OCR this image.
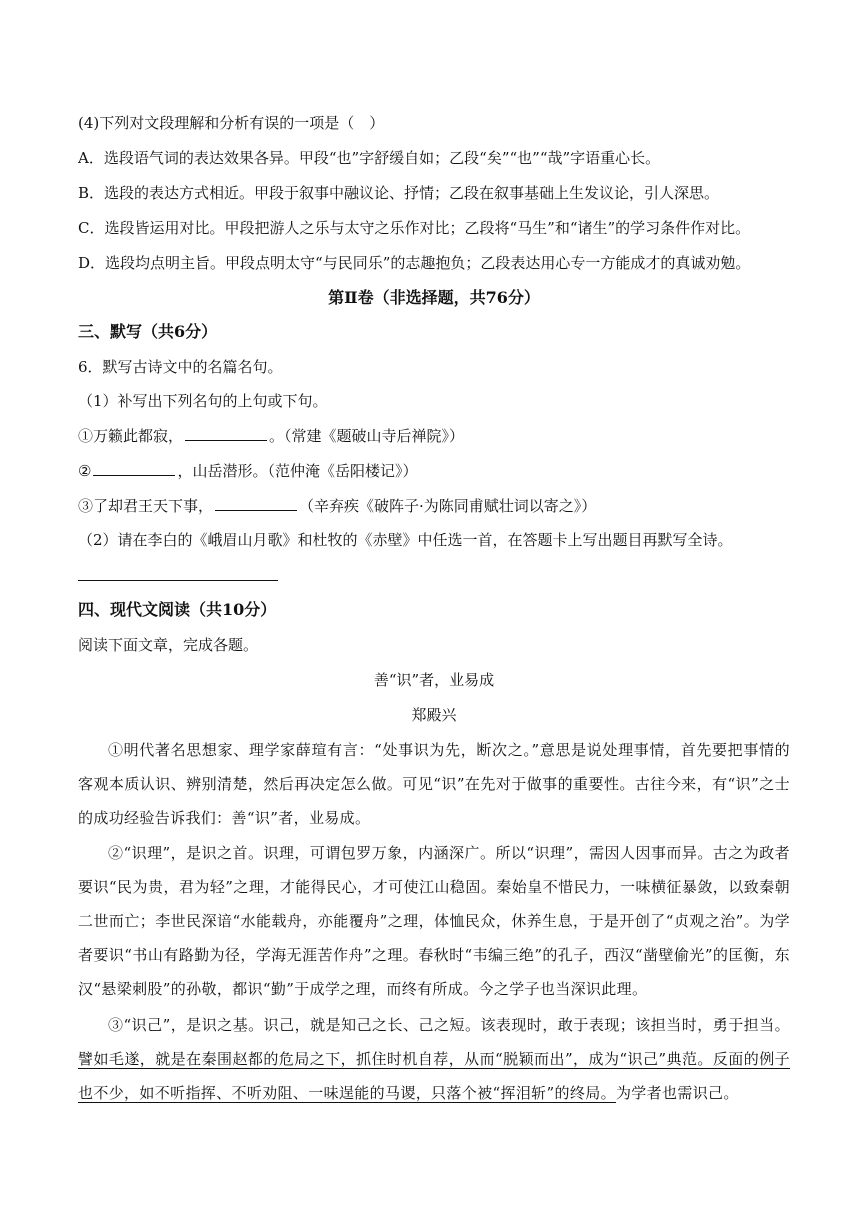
(4)下列对文段理解和分析有误的一项是（　）
A．选段语气词的表达效果各异。甲段“也”字舒缓自如；乙段“矣”“也”“哉”字语重心长。
B．选段的表达方式相近。甲段于叙事中融议论、抒情；乙段在叙事基础上生发议论，引人深思。
C．选段皆运用对比。甲段把游人之乐与太守之乐作对比；乙段将“马生”和“诸生”的学习条件作对比。
D．选段均点明主旨。甲段点明太守“与民同乐”的志趣抱负；乙段表达用心专一方能成才的真诚劝勉。
第Ⅱ卷（非选择题，共76分）
三、默写（共6分）
6．默写古诗文中的名篇名句。
（1）补写出下列名句的上句或下句。
①万籁此都寂，	。（常建《题破山寺后禅院》）
②	，山岳潜形。（范仲淹《岳阳楼记》）
③了却君王天下事，	（辛弃疾《破阵子·为陈同甫赋壮词以寄之》）
（2）请在李白的《峨眉山月歌》和杜牧的《赤壁》中任选一首，在答题卡上写出题目再默写全诗。
四、现代文阅读（共10分）
阅读下面文章，完成各题。
善“识”者，业易成
郑殿兴
①明代著名思想家、理学家薛瑄有言：“处事识为先，断次之。”意思是说处理事情，首先要把事情的客观本质认识、辨别清楚，然后再决定怎么做。可见“识”在先对于做事的重要性。古往今来，有“识”之士的成功经验告诉我们：善“识”者，业易成。
②“识理”，是识之首。识理，可谓包罗万象，内涵深广。所以“识理”，需因人因事而异。古之为政者要识“民为贵，君为轻”之理，才能得民心，才可使江山稳固。秦始皇不惜民力，一味横征暴敛，以致秦朝二世而亡；李世民深谙“水能载舟，亦能覆舟”之理，体恤民众，休养生息，于是开创了“贞观之治”。为学者要识“书山有路勤为径，学海无涯苦作舟”之理。春秋时“韦编三绝”的孔子，西汉“凿壁偷光”的匡衡，东汉“悬梁刺股”的孙敬，都识“勤”于成学之理，而终有所成。今之学子也当深识此理。
③“识己”，是识之基。识己，就是知己之长、己之短。该表现时，敢于表现；该担当时，勇于担当。譬如毛遂，就是在秦围赵都的危局之下，抓住时机自荐，从而“脱颖而出”，成为“识己”典范。反面的例子也不少，如不听指挥、不听劝阻、一味逞能的马谡，只落个被“挥泪斩”的终局。为学者也需识己。
